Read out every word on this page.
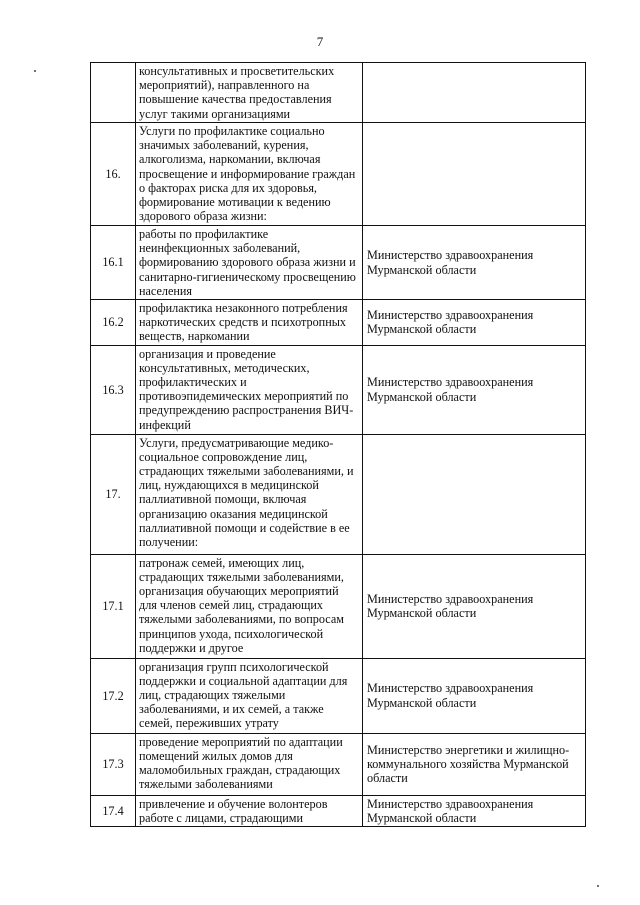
7
	консультативных и просветительских мероприятий), направленного на повышение качества предоставления услуг такими организациями	
16.	Услуги по профилактике социально значимых заболеваний, курения, алкоголизма, наркомании, включая просвещение и информирование граждан о факторах риска для их здоровья, формирование мотивации к ведению здорового образа жизни:	
16.1	работы по профилактике неинфекционных заболеваний, формированию здорового образа жизни и санитарно-гигиеническому просвещению населения	Министерство здравоохранения Мурманской области
16.2	профилактика незаконного потребления наркотических средств и психотропных веществ, наркомании	Министерство здравоохранения Мурманской области
16.3	организация и проведение консультативных, методических, профилактических и противоэпидемических мероприятий по предупреждению распространения ВИЧ-инфекций	Министерство здравоохранения Мурманской области
17.	Услуги, предусматривающие медико-социальное сопровождение лиц, страдающих тяжелыми заболеваниями, и лиц, нуждающихся в медицинской паллиативной помощи, включая организацию оказания медицинской паллиативной помощи и содействие в ее получении:	
17.1	патронаж семей, имеющих лиц, страдающих тяжелыми заболеваниями, организация обучающих мероприятий для членов семей лиц, страдающих тяжелыми заболеваниями, по вопросам принципов ухода, психологической поддержки и другое	Министерство здравоохранения Мурманской области
17.2	организация групп психологической поддержки и социальной адаптации для лиц, страдающих тяжелыми заболеваниями, и их семей, а также семей, переживших утрату	Министерство здравоохранения Мурманской области
17.3	проведение мероприятий по адаптации помещений жилых домов для маломобильных граждан, страдающих тяжелыми заболеваниями	Министерство энергетики и жилищно-коммунального хозяйства Мурманской области
17.4	привлечение и обучение волонтеров работе с лицами, страдающими	Министерство здравоохранения Мурманской области
